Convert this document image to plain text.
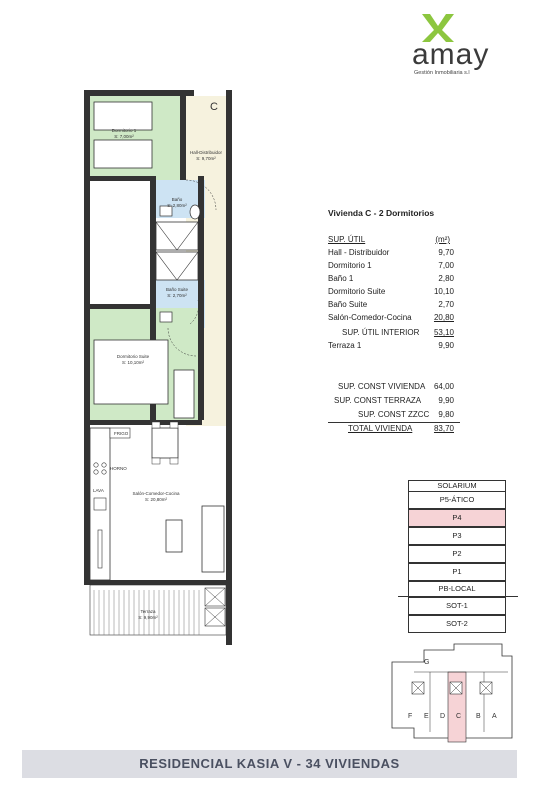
amay
Gestión Inmobiliaria s.l
C
Dormitorio 1
S: 7,00m²
Hall-Distribuidor
S: 9,70m²
Baño
S: 2,80m²
Baño Suite
S: 2,70m²
Dormitorio Suite
S: 10,10m²
Salón-Comedor-Cocina
S: 20,80m²
Terraza
S: 9,90m²
FRIGO
HORNO
LAVA
Vivienda C - 2 Dormitorios
SUP. ÚTIL	(m²)
Hall - Distribuidor	9,70
Dormitorio 1	7,00
Baño 1	2,80
Dormitorio Suite	10,10
Baño Suite	2,70
Salón-Comedor-Cocina	20,80
SUP. ÚTIL INTERIOR 53,10
Terraza 1	9,90
SUP. CONST VIVIENDA 64,00
SUP. CONST TERRAZA 9,90
SUP. CONST ZZCC 9,80
TOTAL VIVIENDA	83,70
SOLARIUM
P5-ÁTICO
P4
P3
P2
P1
PB-LOCAL
SOT-1
SOT-2
G
F E D C B A
RESIDENCIAL KASIA V - 34 VIVIENDAS
